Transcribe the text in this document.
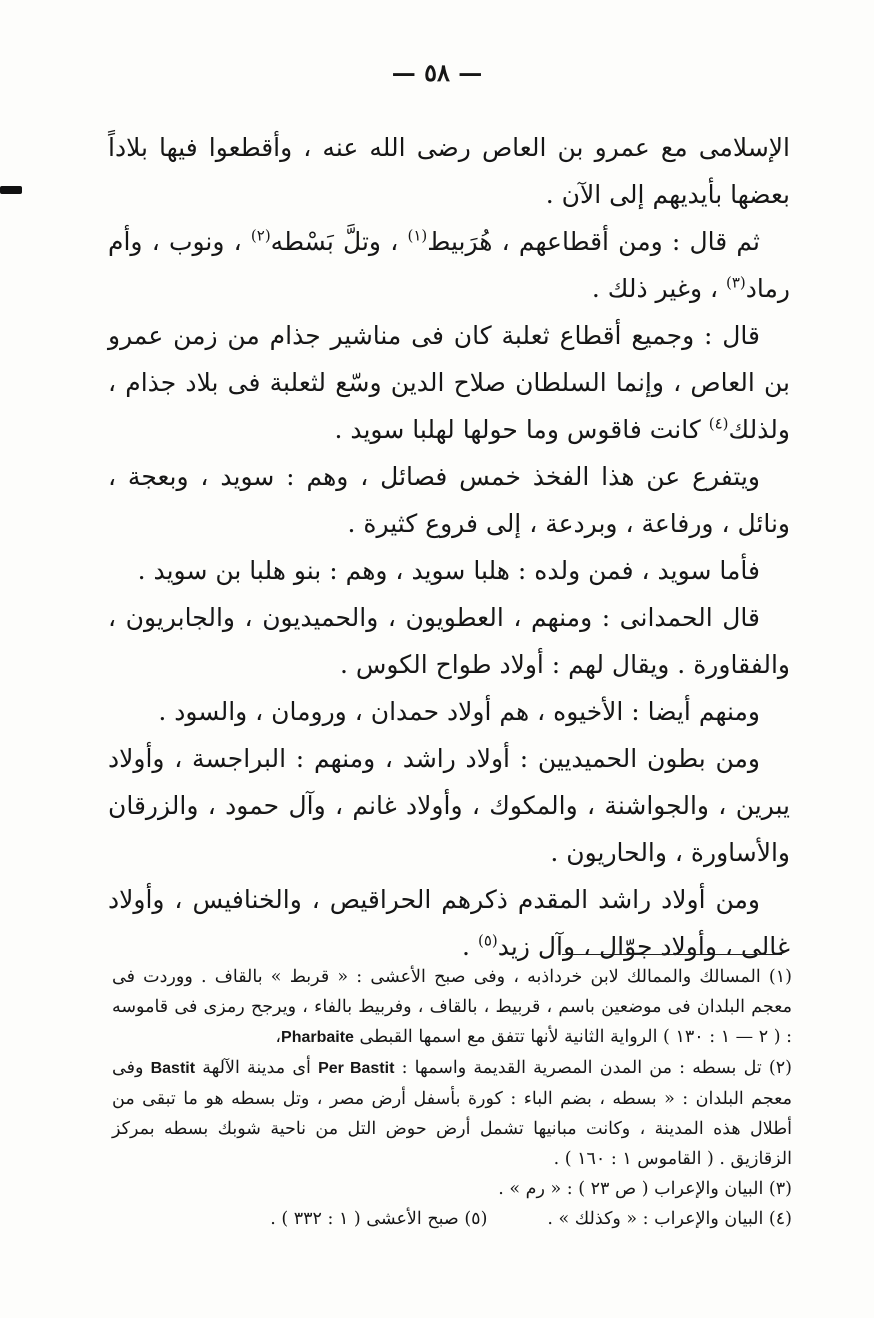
— ٥٨ —

الإسلامى مع عمرو بن العاص رضى الله عنه ، وأقطعوا فيها بلاداً بعضها بأيديهم إلى الآن .

ثم قال : ومن أقطاعهم ، هُرَبيط$^{(١)}$ ، وتلَّ بَسْطه$^{(٢)}$ ، ونوب ، وأم رماد$^{(٣)}$ ، وغير ذلك .

قال : وجميع أقطاع ثعلبة كان فى مناشير جذام من زمن عمرو بن العاص ، وإنما السلطان صلاح الدين وسّع لثعلبة فى بلاد جذام ، ولذلك$^{(٤)}$ كانت فاقوس وما حولها لهلبا سويد .

ويتفرع عن هذا الفخذ خمس فصائل ، وهم : سويد ، وبعجة ، ونائل ، ورفاعة ، وبردعة ، إلى فروع كثيرة .

فأما سويد ، فمن ولده : هلبا سويد ، وهم : بنو هلبا بن سويد .

قال الحمدانى : ومنهم ، العطويون ، والحميديون ، والجابريون ، والفقاورة . ويقال لهم : أولاد طواح الكوس .

ومنهم أيضا : الأخيوه ، هم أولاد حمدان ، ورومان ، والسود .

ومن بطون الحميديين : أولاد راشد ، ومنهم : البراجسة ، وأولاد يبرين ، والجواشنة ، والمكوك ، وأولاد غانم ، وآل حمود ، والزرقان والأساورة ، والحاريون .

ومن أولاد راشد المقدم ذكرهم الحراقيص ، والخنافيس ، وأولاد غالى ، وأولاد جوّال ، وآل زيد$^{(٥)}$ .

(١) المسالك والممالك لابن خرداذبه ، وفى صبح الأعشى : « قربط » بالقاف . ووردت فى معجم البلدان فى موضعين باسم ، قربيط ، بالقاف ، وفربيط بالفاء ، ويرجح رمزى فى قاموسه : ( ٢ — ١ : ١٣٠ ) الرواية الثانية لأنها تتفق مع اسمها القبطى Pharbaite،

(٢) تل بسطه : من المدن المصرية القديمة واسمها : Per Bastit أى مدينة الآلهة Bastit وفى معجم البلدان : « بسطه ، بضم الباء : كورة بأسفل أرض مصر ، وتل بسطه هو ما تبقى من أطلال هذه المدينة ، وكانت مبانيها تشمل أرض حوض التل من ناحية شوبك بسطه بمركز الزقازيق . ( القاموس ١ : ١٦٠ ) .

(٣) البيان والإعراب ( ص ٢٣ ) : « رم » .

(٤) البيان والإعراب : « وكذلك » .
(٥) صبح الأعشى ( ١ : ٣٣٢ ) .
